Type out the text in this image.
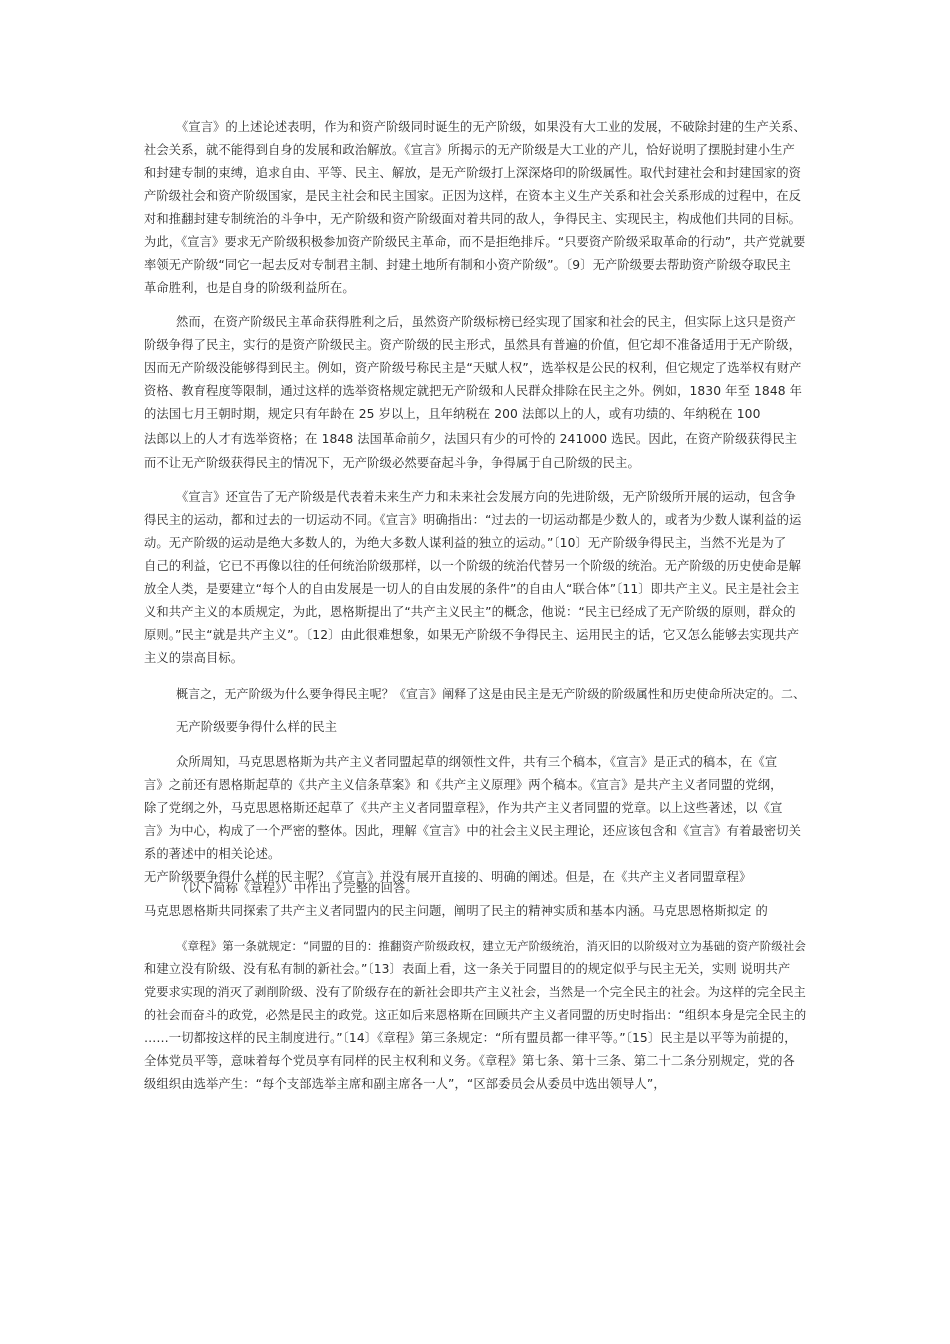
《宣言》的上述论述表明，作为和资产阶级同时诞生的无产阶级，如果没有大工业的发展，不破除封建的生产关系、
社会关系，就不能得到自身的发展和政治解放。《宣言》所揭示的无产阶级是大工业的产儿，恰好说明了摆脱封建小生产
和封建专制的束缚，追求自由、平等、民主、解放，是无产阶级打上深深烙印的阶级属性。取代封建社会和封建国家的资
产阶级社会和资产阶级国家，是民主社会和民主国家。正因为这样，在资本主义生产关系和社会关系形成的过程中，在反
对和推翻封建专制统治的斗争中，无产阶级和资产阶级面对着共同的敌人，争得民主、实现民主，构成他们共同的目标。
为此，《宣言》要求无产阶级积极参加资产阶级民主革命，而不是拒绝排斥。“只要资产阶级采取革命的行动”，共产党就要
率领无产阶级“同它一起去反对专制君主制、封建土地所有制和小资产阶级”。〔9〕无产阶级要去帮助资产阶级夺取民主
革命胜利，也是自身的阶级利益所在。
然而，在资产阶级民主革命获得胜利之后，虽然资产阶级标榜已经实现了国家和社会的民主，但实际上这只是资产
阶级争得了民主，实行的是资产阶级民主。资产阶级的民主形式，虽然具有普遍的价值，但它却不准备适用于无产阶级，
因而无产阶级没能够得到民主。例如，资产阶级号称民主是“天赋人权”，选举权是公民的权利，但它规定了选举权有财产
资格、教育程度等限制，通过这样的选举资格规定就把无产阶级和人民群众排除在民主之外。例如，1830 年至 1848 年
的法国七月王朝时期，规定只有年龄在 25 岁以上，且年纳税在 200 法郎以上的人，或有功绩的、年纳税在 100
法郎以上的人才有选举资格；在 1848 法国革命前夕，法国只有少的可怜的 241000 选民。因此，在资产阶级获得民主
而不让无产阶级获得民主的情况下，无产阶级必然要奋起斗争，争得属于自己阶级的民主。
《宣言》还宣告了无产阶级是代表着未来生产力和未来社会发展方向的先进阶级，无产阶级所开展的运动，包含争
得民主的运动，都和过去的一切运动不同。《宣言》明确指出：“过去的一切运动都是少数人的，或者为少数人谋利益的运
动。无产阶级的运动是绝大多数人的，为绝大多数人谋利益的独立的运动。”〔10〕无产阶级争得民主，当然不光是为了
自己的利益，它已不再像以往的任何统治阶级那样，以一个阶级的统治代替另一个阶级的统治。无产阶级的历史使命是解
放全人类，是要建立“每个人的自由发展是一切人的自由发展的条件”的自由人“联合体”〔11〕即共产主义。民主是社会主
义和共产主义的本质规定，为此，恩格斯提出了“共产主义民主”的概念，他说：“民主已经成了无产阶级的原则，群众的
原则。”民主“就是共产主义”。〔12〕由此很难想象，如果无产阶级不争得民主、运用民主的话，它又怎么能够去实现共产
主义的崇高目标。
概言之，无产阶级为什么要争得民主呢？《宣言》阐释了这是由民主是无产阶级的阶级属性和历史使命所决定的。二、
无产阶级要争得什么样的民主
众所周知，马克思恩格斯为共产主义者同盟起草的纲领性文件，共有三个稿本，《宣言》是正式的稿本，在《宣
言》之前还有恩格斯起草的《共产主义信条草案》和《共产主义原理》两个稿本。《宣言》是共产主义者同盟的党纲，
除了党纲之外，马克思恩格斯还起草了《共产主义者同盟章程》，作为共产主义者同盟的党章。以上这些著述，以《宣
言》为中心，构成了一个严密的整体。因此，理解《宣言》中的社会主义民主理论，还应该包含和《宣言》有着最密切关
系的著述中的相关论述。
无产阶级要争得什么样的民主呢？《宣言》并没有展开直接的、明确的阐述。但是，在《共产主义者同盟章程》
（以下简称《章程》）中作出了完整的回答。
马克思恩格斯共同探索了共产主义者同盟内的民主问题，阐明了民主的精神实质和基本内涵。马克思恩格斯拟定 的
《章程》第一条就规定：“同盟的目的：推翻资产阶级政权，建立无产阶级统治，消灭旧的以阶级对立为基础的资产阶级社会
和建立没有阶级、没有私有制的新社会。”〔13〕表面上看，这一条关于同盟目的的规定似乎与民主无关，实则 说明共产
党要求实现的消灭了剥削阶级、没有了阶级存在的新社会即共产主义社会，当然是一个完全民主的社会。为这样的完全民主
的社会而奋斗的政党，必然是民主的政党。这正如后来恩格斯在回顾共产主义者同盟的历史时指出：“组织本身是完全民主的
……一切都按这样的民主制度进行。”〔14〕《章程》第三条规定：“所有盟员都一律平等。”〔15〕民主是以平等为前提的，
全体党员平等，意味着每个党员享有同样的民主权利和义务。《章程》第七条、第十三条、第二十二条分别规定，党的各
级组织由选举产生：“每个支部选举主席和副主席各一人”，“区部委员会从委员中选出领导人”，
